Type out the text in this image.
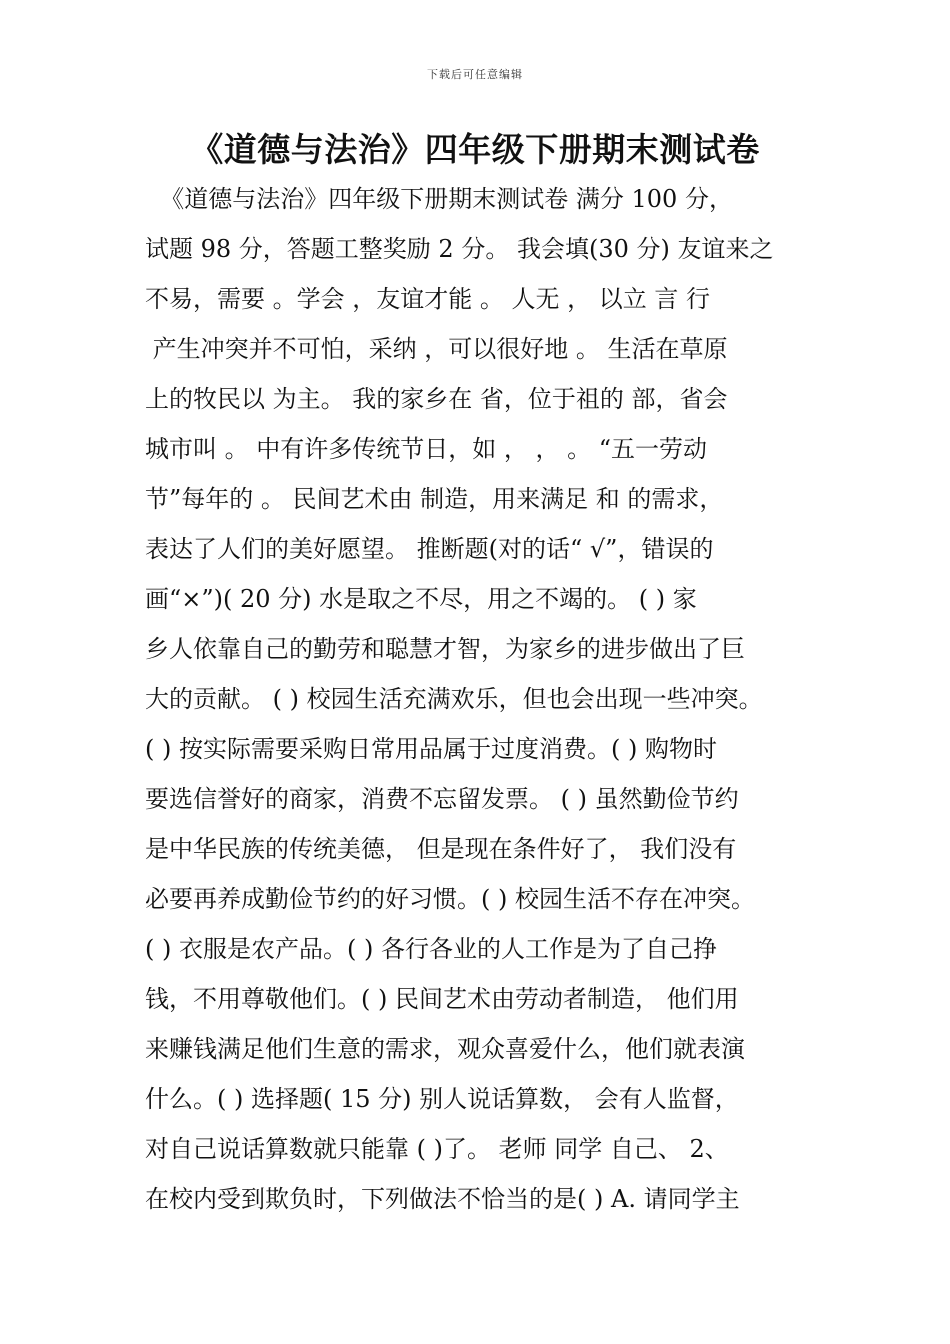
下载后可任意编辑
《道德与法治》四年级下册期末测试卷
《道德与法治》四年级下册期末测试卷 满分 100 分，
试题 98 分，答题工整奖励 2 分。 我会填(30 分) 友谊来之
不易，需要 。学会 ，友谊才能 。 人无 ， 以立 言 行
产生冲突并不可怕，采纳 ，可以很好地 。 生活在草原
上的牧民以 为主。 我的家乡在 省，位于祖的 部，省会
城市叫 。 中有许多传统节日，如 ， ， 。 “五一劳动
节”每年的 。 民间艺术由 制造，用来满足 和 的需求，
表达了人们的美好愿望。 推断题(对的话“ √”，错误的
画“×”)( 20 分) 水是取之不尽，用之不竭的。 ( ) 家
乡人依靠自己的勤劳和聪慧才智，为家乡的进步做出了巨
大的贡献。 ( ) 校园生活充满欢乐，但也会出现一些冲突。
( ) 按实际需要采购日常用品属于过度消费。( ) 购物时
要选信誉好的商家，消费不忘留发票。 ( ) 虽然勤俭节约
是中华民族的传统美德， 但是现在条件好了， 我们没有
必要再养成勤俭节约的好习惯。( ) 校园生活不存在冲突。
( ) 衣服是农产品。( ) 各行各业的人工作是为了自己挣
钱，不用尊敬他们。( ) 民间艺术由劳动者制造， 他们用
来赚钱满足他们生意的需求，观众喜爱什么，他们就表演
什么。( ) 选择题( 15 分) 别人说话算数， 会有人监督，
对自己说话算数就只能靠 ( )了。 老师 同学 自己、 2、
在校内受到欺负时，下列做法不恰当的是( ) A. 请同学主
